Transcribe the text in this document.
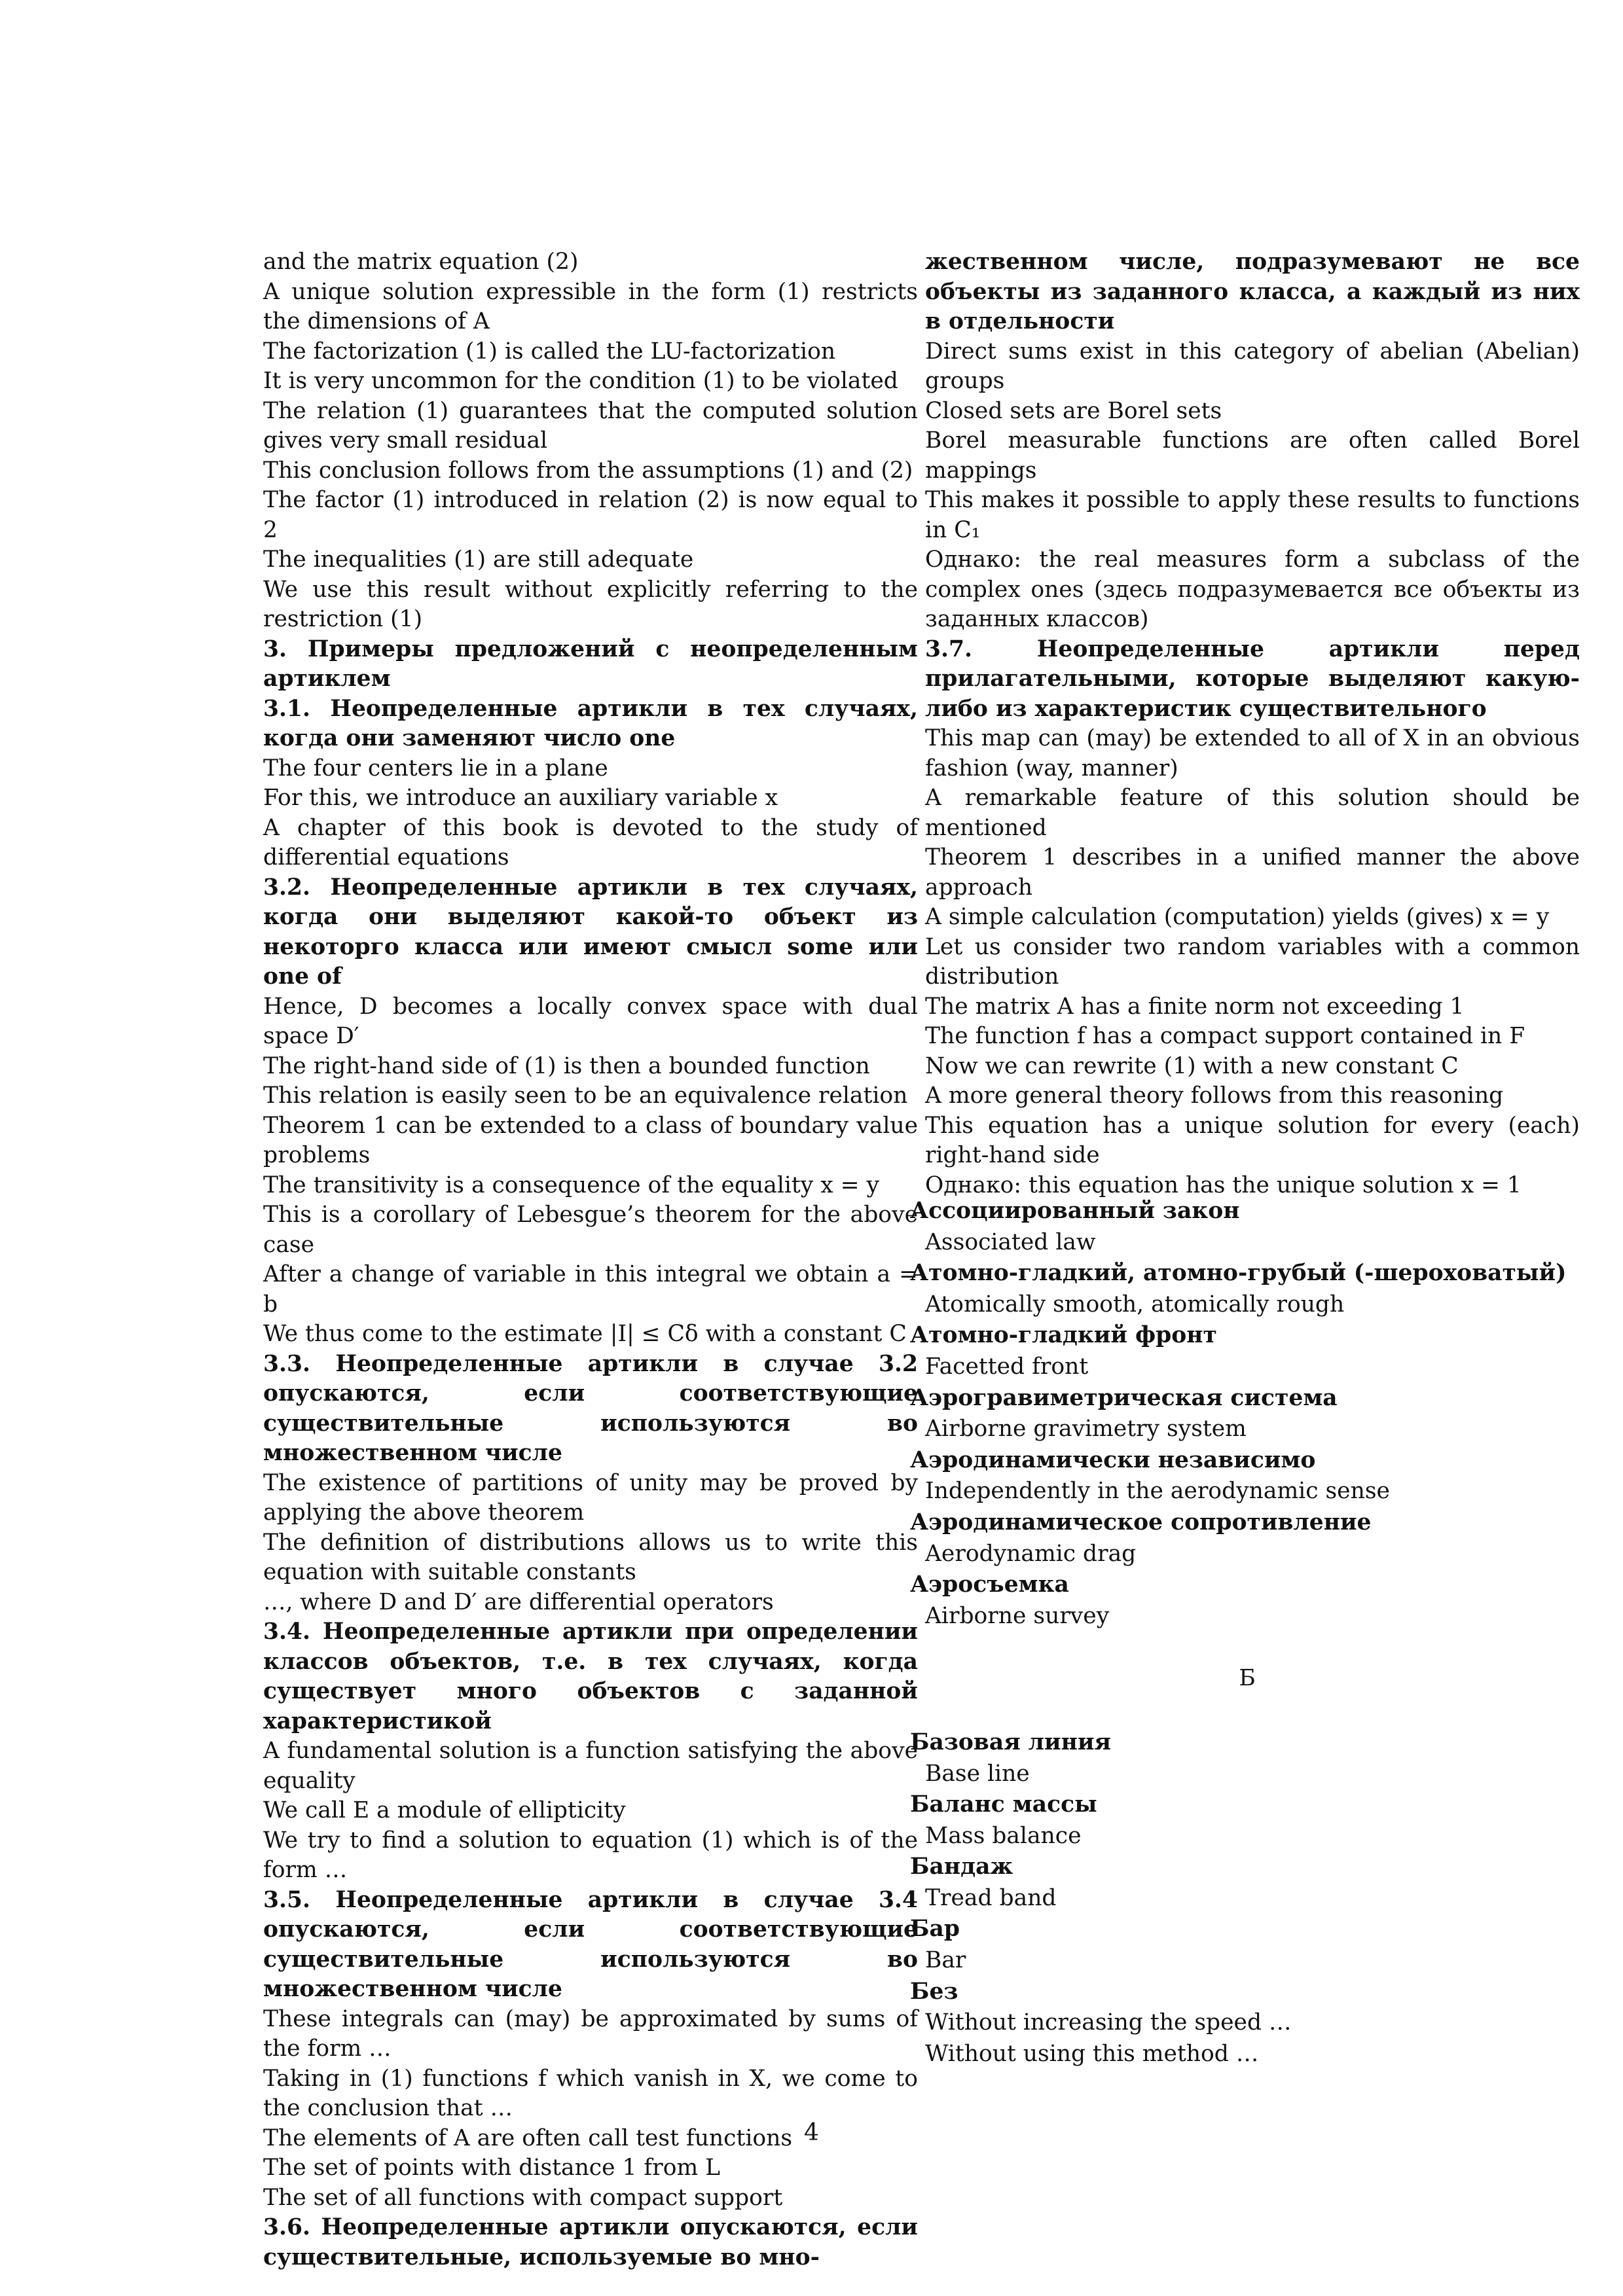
and the matrix equation (2)

A unique solution expressible in the form (1) restricts the dimensions of A

The factorization (1) is called the LU-factorization

It is very uncommon for the condition (1) to be violated

The relation (1) guarantees that the computed solution gives very small residual

This conclusion follows from the assumptions (1) and (2)

The factor (1) introduced in relation (2) is now equal to 2

The inequalities (1) are still adequate

We use this result without explicitly referring to the restriction (1)

3. Примеры предложений с неопределенным артиклем

3.1. Неопределенные артикли в тех случаях, когда они заменяют число one

The four centers lie in a plane

For this, we introduce an auxiliary variable x

A chapter of this book is devoted to the study of differential equations

3.2. Неопределенные артикли в тех случаях, когда они выделяют какой-то объект из некоторго класса или имеют смысл some или one of

Hence, D becomes a locally convex space with dual space D′

The right-hand side of (1) is then a bounded function

This relation is easily seen to be an equivalence relation

Theorem 1 can be extended to a class of boundary value problems

The transitivity is a consequence of the equality x = y

This is a corollary of Lebesgue’s theorem for the above case

After a change of variable in this integral we obtain a = b

We thus come to the estimate |I| ≤ Cδ with a constant C

3.3. Неопределенные артикли в случае 3.2 опускаются, если соответствующие существительные используются во множественном числе

The existence of partitions of unity may be proved by applying the above theorem

The definition of distributions allows us to write this equation with suitable constants

…, where D and D′ are differential operators

3.4. Неопределенные артикли при определении классов объектов, т.е. в тех случаях, когда существует много объектов с заданной характеристикой

A fundamental solution is a function satisfying the above equality

We call E a module of ellipticity

We try to find a solution to equation (1) which is of the form …

3.5. Неопределенные артикли в случае 3.4 опускаются, если соответствующие существительные используются во множественном числе

These integrals can (may) be approximated by sums of the form …

Taking in (1) functions f which vanish in X, we come to the conclusion that …

The elements of A are often call test functions

The set of points with distance 1 from L

The set of all functions with compact support

3.6. Неопределенные артикли опускаются, если существительные, используемые во мно-

жественном числе, подразумевают не все объекты из заданного класса, а каждый из них в отдельности

Direct sums exist in this category of abelian (Abelian) groups

Closed sets are Borel sets

Borel measurable functions are often called Borel mappings

This makes it possible to apply these results to functions in C₁

Однако: the real measures form a subclass of the complex ones (здесь подразумевается все объекты из заданных классов)

3.7. Неопределенные артикли перед прилагательными, которые выделяют какую-либо из характеристик существительного

This map can (may) be extended to all of X in an obvious fashion (way, manner)

A remarkable feature of this solution should be mentioned

Theorem 1 describes in a unified manner the above approach

A simple calculation (computation) yields (gives) x = y

Let us consider two random variables with a common distribution

The matrix A has a finite norm not exceeding 1

The function f has a compact support contained in F

Now we can rewrite (1) with a new constant C

A more general theory follows from this reasoning

This equation has a unique solution for every (each) right-hand side

Однако: this equation has the unique solution x = 1

Ассоциированный закон

Associated law

Атомно-гладкий, атомно-грубый (-шероховатый)

Atomically smooth, atomically rough

Атомно-гладкий фронт

Facetted front

Аэрогравиметрическая система

Airborne gravimetry system

Аэродинамически независимо

Independently in the aerodynamic sense

Аэродинамическое сопротивление

Aerodynamic drag

Аэросъемка

Airborne survey

Б

Базовая линия

Base line

Баланс массы

Mass balance

Бандаж

Tread band

Бар

Bar

Без

Without increasing the speed …

Without using this method …

4
